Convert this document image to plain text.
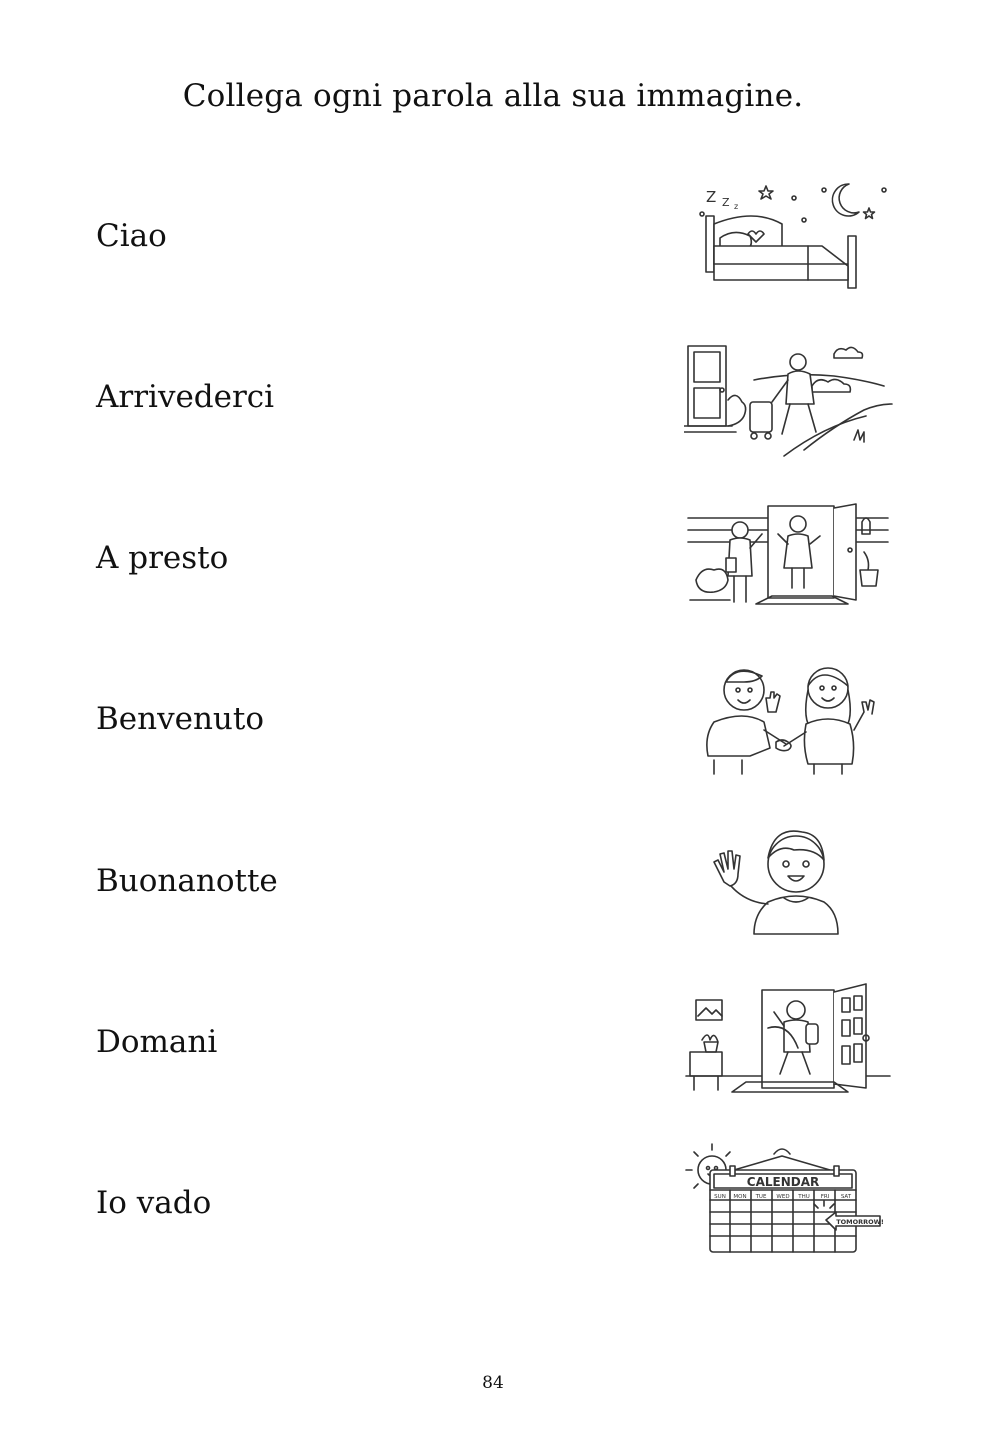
Collega ogni parola alla sua immagine.
Ciao
Arrivederci
A presto
Benvenuto
Buonanotte
Domani
Io vado
Z Z z
CALENDAR
SUN MON TUE WED THU FRI SAT
TOMORROW!
84
